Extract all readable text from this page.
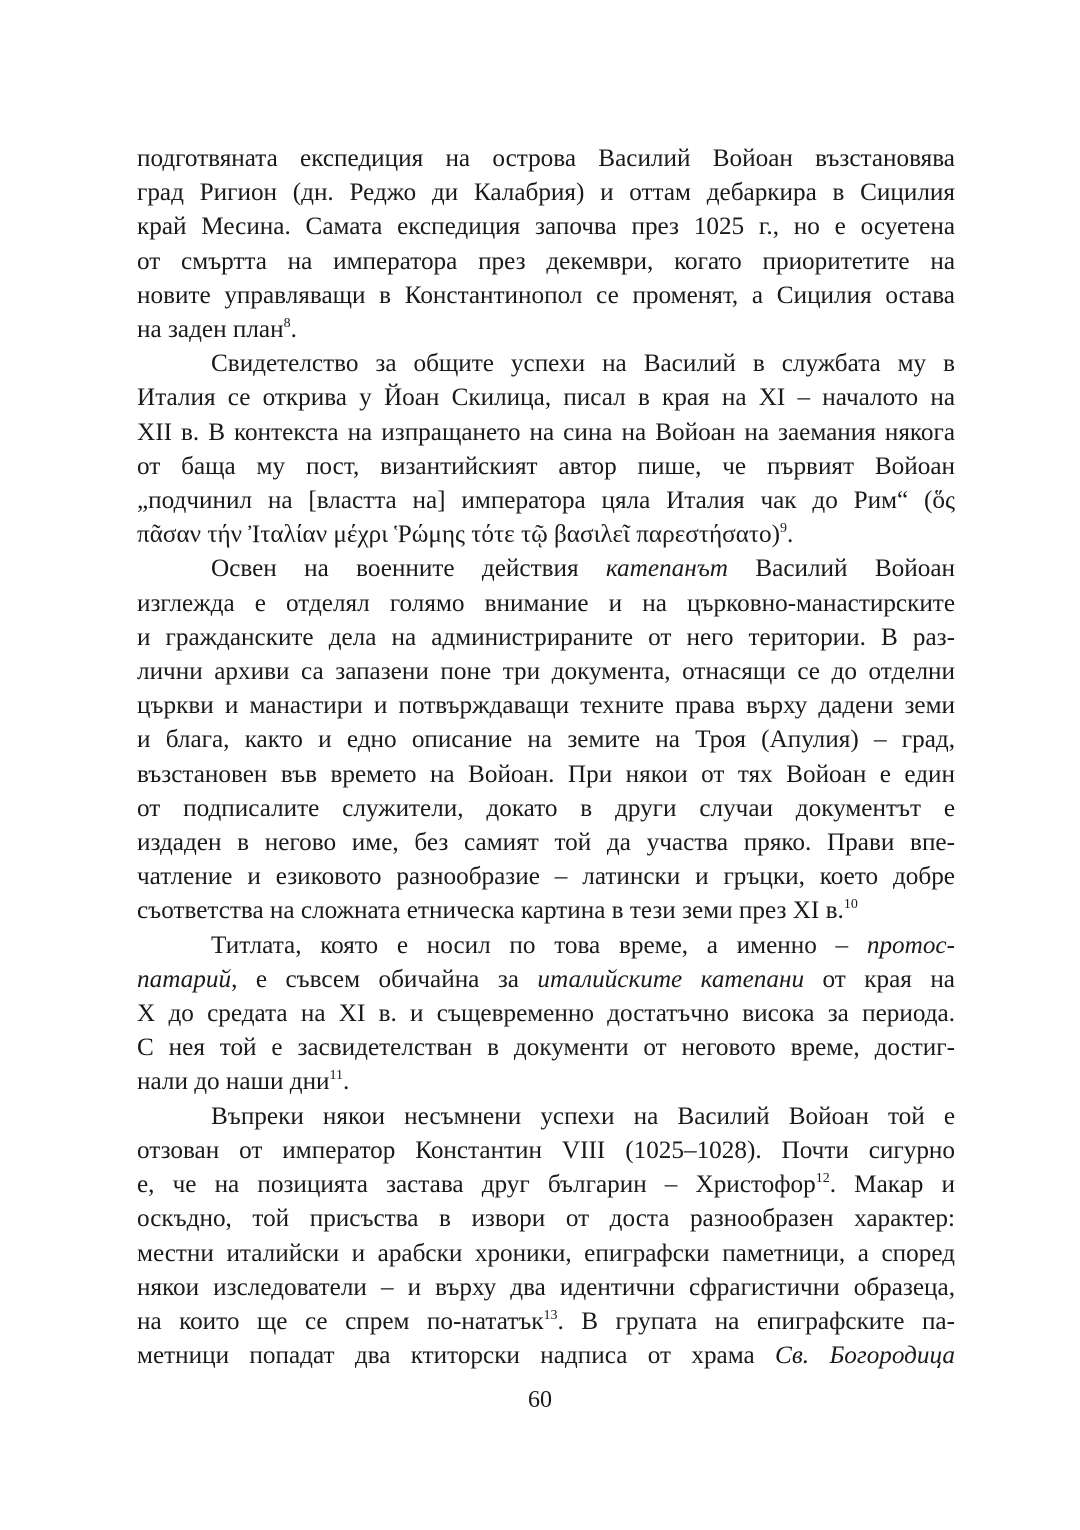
подготвяната експедиция на острова Василий Войоан възстановява
град Ригион (дн. Реджо ди Калабрия) и оттам дебаркира в Сицилия
край Месина. Самата експедиция започва през 1025 г., но е осуетена
от смъртта на императора през декември, когато приоритетите на
новите управляващи в Константинопол се променят, а Сицилия остава
на заден план$^8$.
Свидетелство за общите успехи на Василий в службата му в
Италия се открива у Йоан Скилица, писал в края на XI – началото на
XII в. В контекста на изпращането на сина на Войоан на заемания някога
от баща му пост, византийският автор пише, че първият Войоан
„подчинил на [властта на] императора цяла Италия чак до Рим“ (ὅς
πᾶσαν τήν Ἰταλίαν μέχρι Ῥώμης τότε τῷ βασιλεῖ παρεστήσατο)$^9$.
Освен на военните действия катепанът Василий Войоан
изглежда е отделял голямо внимание и на църковно-манастирските
и гражданските дела на администрираните от него територии. В раз-
лични архиви са запазени поне три документа, отнасящи се до отделни
църкви и манастири и потвърждаващи техните права върху дадени земи
и блага, както и едно описание на земите на Троя (Апулия) – град,
възстановен във времето на Войоан. При някои от тях Войоан е един
от подписалите служители, докато в други случаи документът е
издаден в негово име, без самият той да участва пряко. Прави впе-
чатление и езиковото разнообразие – латински и гръцки, което добре
съответства на сложната етническа картина в тези земи през XI в.$^{10}$
Титлата, която е носил по това време, а именно – протос-
патарий, е съвсем обичайна за италийските катепани от края на
X до средата на XI в. и същевременно достатъчно висока за периода.
С нея той е засвидетелстван в документи от неговото време, достиг-
нали до наши дни$^{11}$.
Въпреки някои несъмнени успехи на Василий Войоан той е
отзован от император Константин VIII (1025–1028). Почти сигурно
е, че на позицията застава друг българин – Христофор$^{12}$. Макар и
оскъдно, той присъства в извори от доста разнообразен характер:
местни италийски и арабски хроники, епиграфски паметници, а според
някои изследователи – и върху два идентични сфрагистични образеца,
на които ще се спрем по-нататък$^{13}$. В групата на епиграфските па-
метници попадат два ктиторски надписа от храма Св. Богородица
60
